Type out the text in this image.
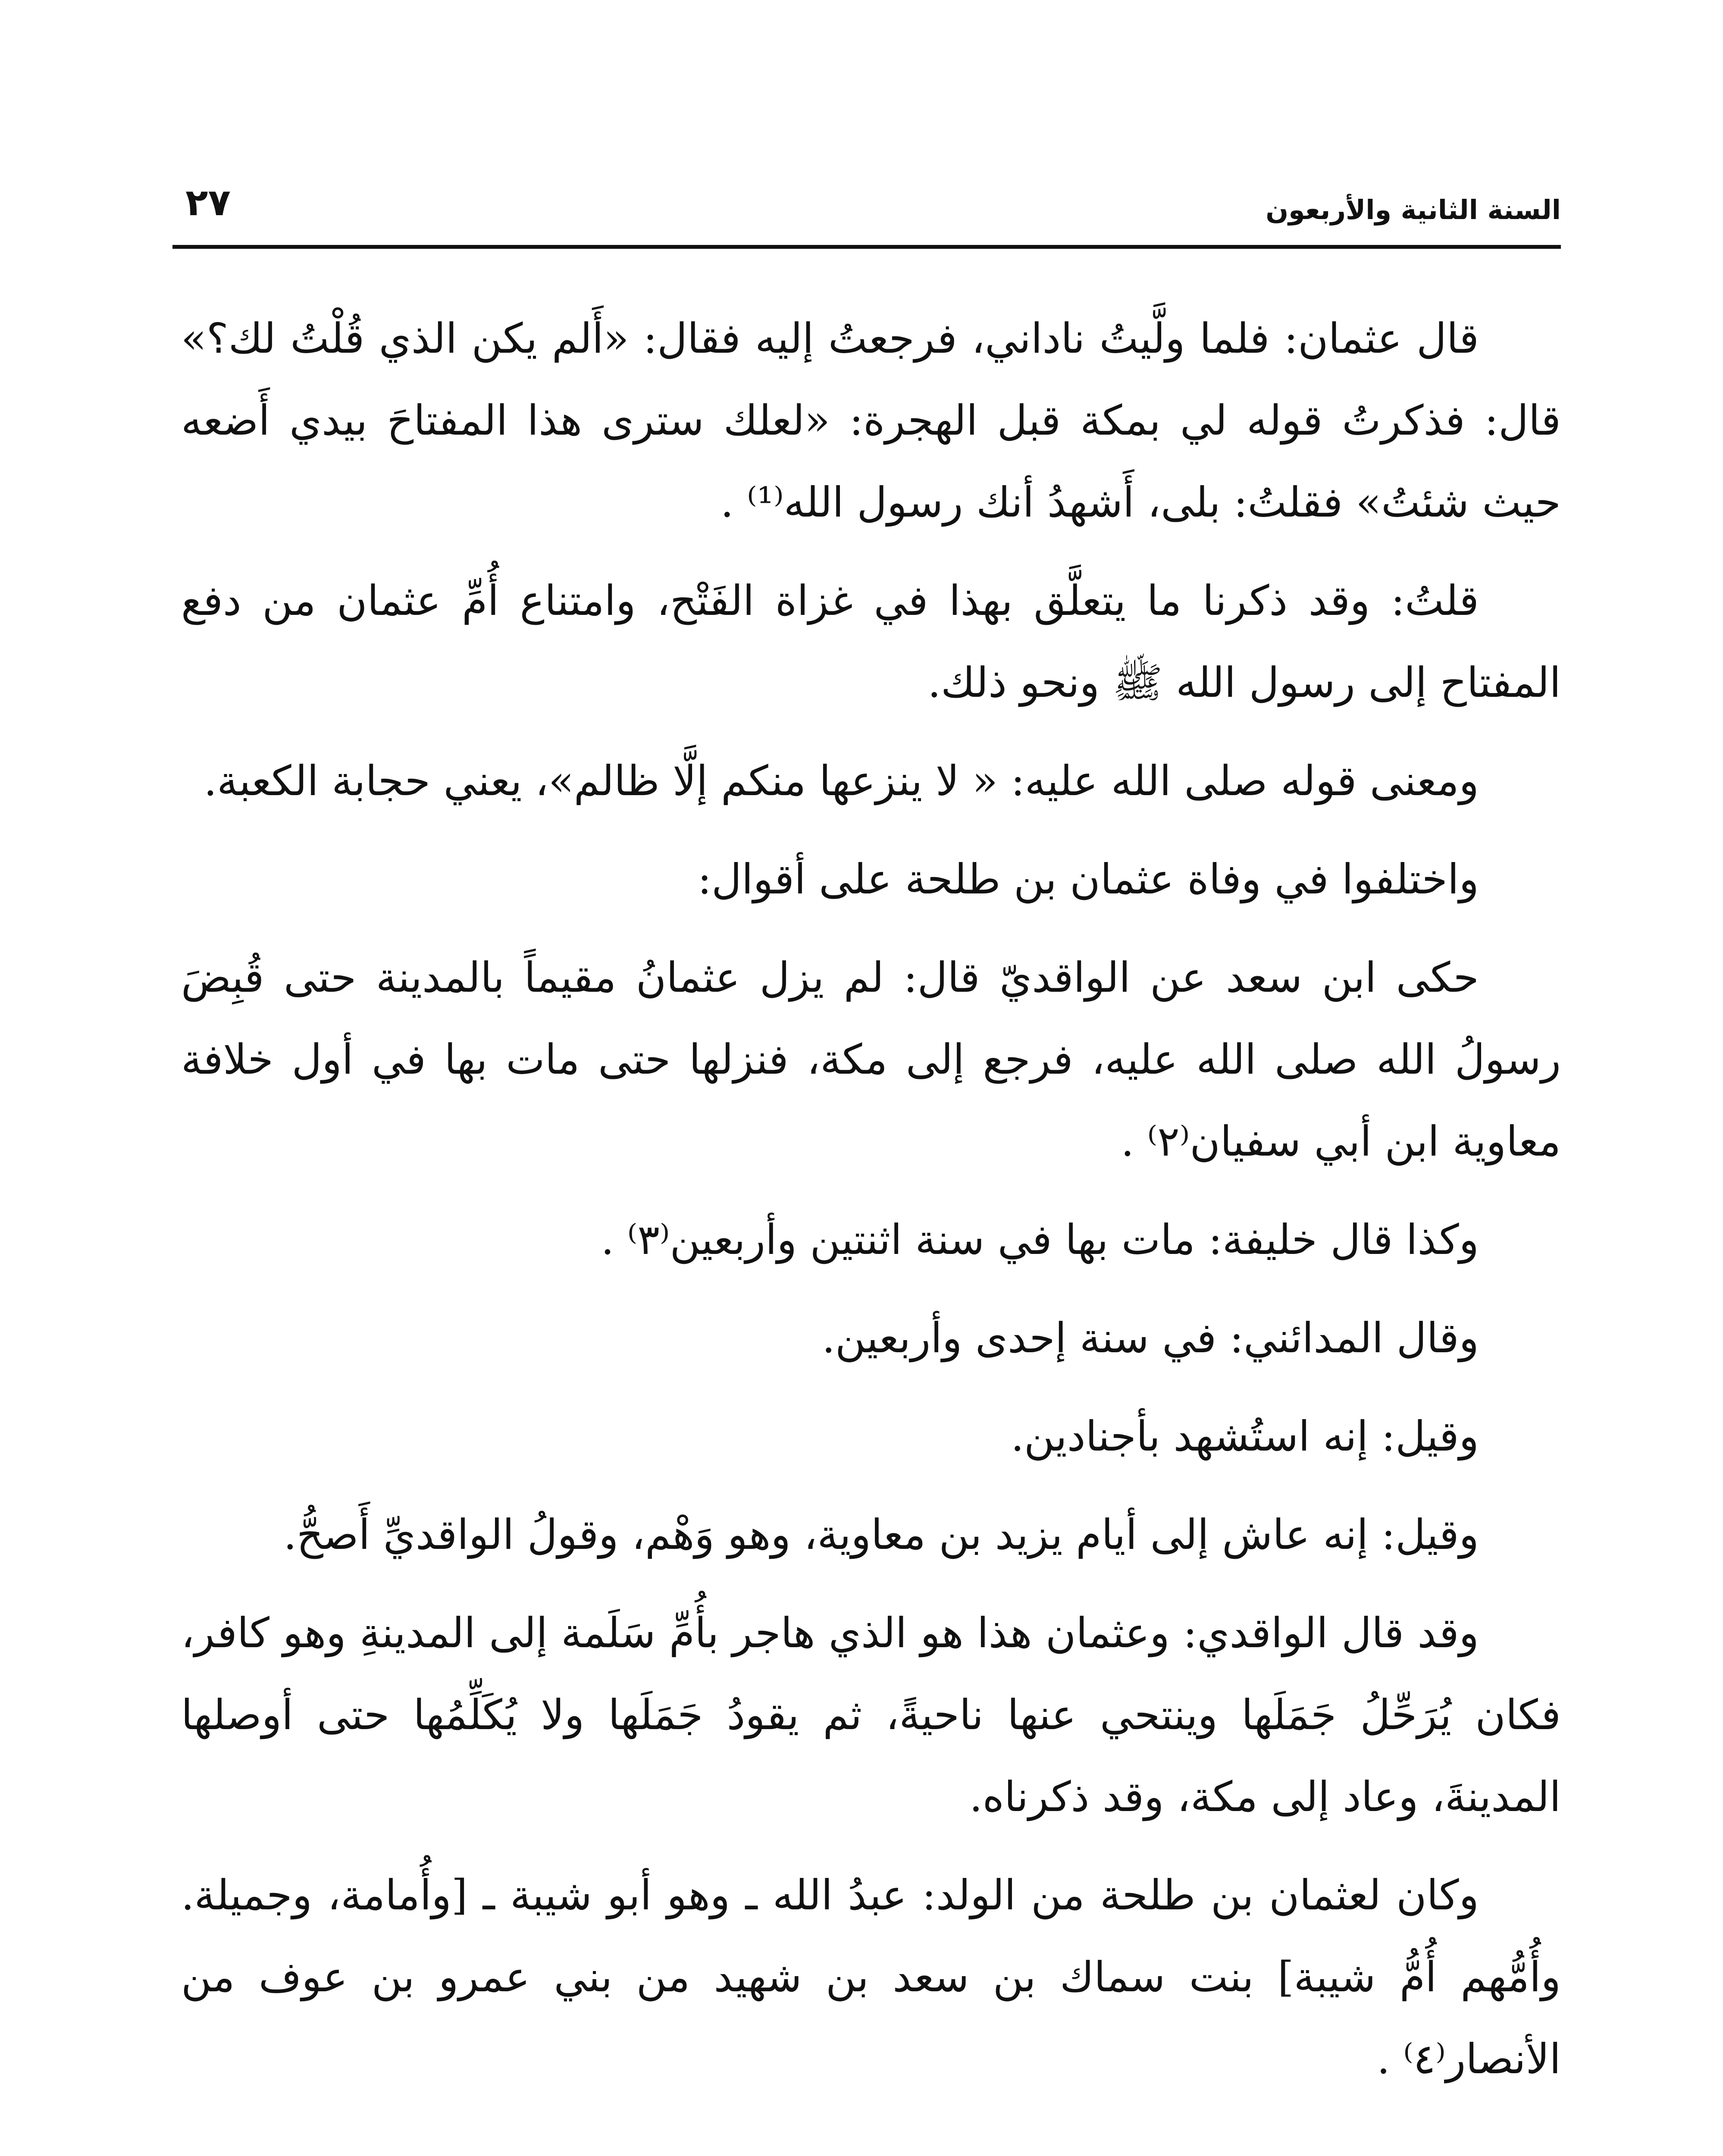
السنة الثانية والأربعون
٢٧

قال عثمان: فلما ولَّيتُ ناداني، فرجعتُ إليه فقال: «أَلم يكن الذي قُلْتُ لك؟» قال: فذكرتُ قوله لي بمكة قبل الهجرة: «لعلك سترى هذا المفتاحَ بيدي أَضعه حيث شئتُ» فقلتُ: بلى، أَشهدُ أنك رسول الله⁽¹⁾ .

قلتُ: وقد ذكرنا ما يتعلَّق بهذا في غزاة الفَتْح، وامتناع أُمِّ عثمان من دفع المفتاح إلى رسول الله ﷺ ونحو ذلك.

ومعنى قوله صلى الله عليه: « لا ينزعها منكم إلَّا ظالم»، يعني حجابة الكعبة.

واختلفوا في وفاة عثمان بن طلحة على أقوال:

حكى ابن سعد عن الواقديّ قال: لم يزل عثمانُ مقيماً بالمدينة حتى قُبِضَ رسولُ الله صلى الله عليه، فرجع إلى مكة، فنزلها حتى مات بها في أول خلافة معاوية ابن أبي سفيان⁽٢⁾ .

وكذا قال خليفة: مات بها في سنة اثنتين وأربعين⁽٣⁾ .

وقال المدائني: في سنة إحدى وأربعين.

وقيل: إنه استُشهد بأجنادين.

وقيل: إنه عاش إلى أيام يزيد بن معاوية، وهو وَهْم، وقولُ الواقديِّ أَصحُّ.

وقد قال الواقدي: وعثمان هذا هو الذي هاجر بأُمِّ سَلَمة إلى المدينةِ وهو كافر، فكان يُرَحِّلُ جَمَلَها وينتحي عنها ناحيةً، ثم يقودُ جَمَلَها ولا يُكَلِّمُها حتى أوصلها المدينةَ، وعاد إلى مكة، وقد ذكرناه.

وكان لعثمان بن طلحة من الولد: عبدُ الله ـ وهو أبو شيبة ـ [وأُمامة، وجميلة. وأُمُّهم أُمُّ شيبة] بنت سماك بن سعد بن شهيد من بني عمرو بن عوف من الأنصار⁽٤⁾ .
